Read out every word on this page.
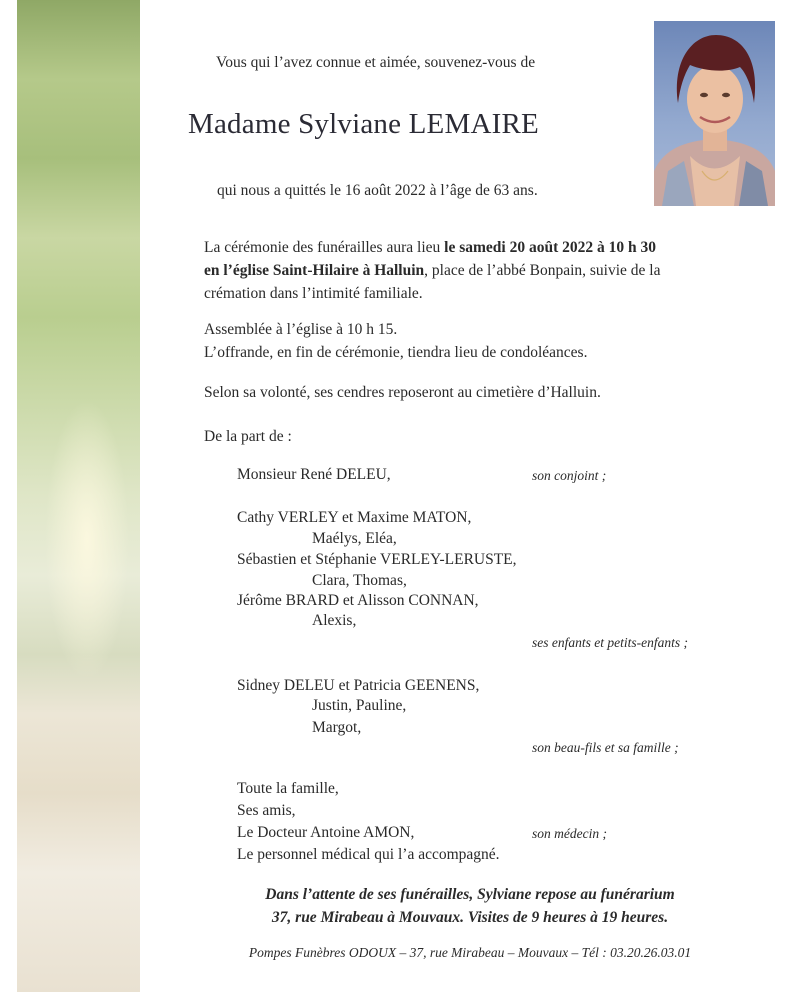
Vous qui l’avez connue et aimée, souvenez-vous de
Madame Sylviane LEMAIRE
qui nous a quittés le 16 août 2022 à l’âge de 63 ans.
La cérémonie des funérailles aura lieu le samedi 20 août 2022 à 10 h 30
en l’église Saint-Hilaire à Halluin, place de l’abbé Bonpain, suivie de la
crémation dans l’intimité familiale.
Assemblée à l’église à 10 h 15.
L’offrande, en fin de cérémonie, tiendra lieu de condoléances.
Selon sa volonté, ses cendres reposeront au cimetière d’Halluin.
De la part de :
Monsieur René DELEU,	son conjoint ;
Cathy VERLEY et Maxime MATON,
Maélys, Eléa,
Sébastien et Stéphanie VERLEY-LERUSTE,
Clara, Thomas,
Jérôme BRARD et Alisson CONNAN,
Alexis,
ses enfants et petits-enfants ;
Sidney DELEU et Patricia GEENENS,
Justin, Pauline,
Margot,
son beau-fils et sa famille ;
Toute la famille,
Ses amis,
Le Docteur Antoine AMON,	son médecin ;
Le personnel médical qui l’a accompagné.
Dans l’attente de ses funérailles, Sylviane repose au funérarium
37, rue Mirabeau à Mouvaux. Visites de 9 heures à 19 heures.
Pompes Funèbres ODOUX – 37, rue Mirabeau – Mouvaux – Tél : 03.20.26.03.01
